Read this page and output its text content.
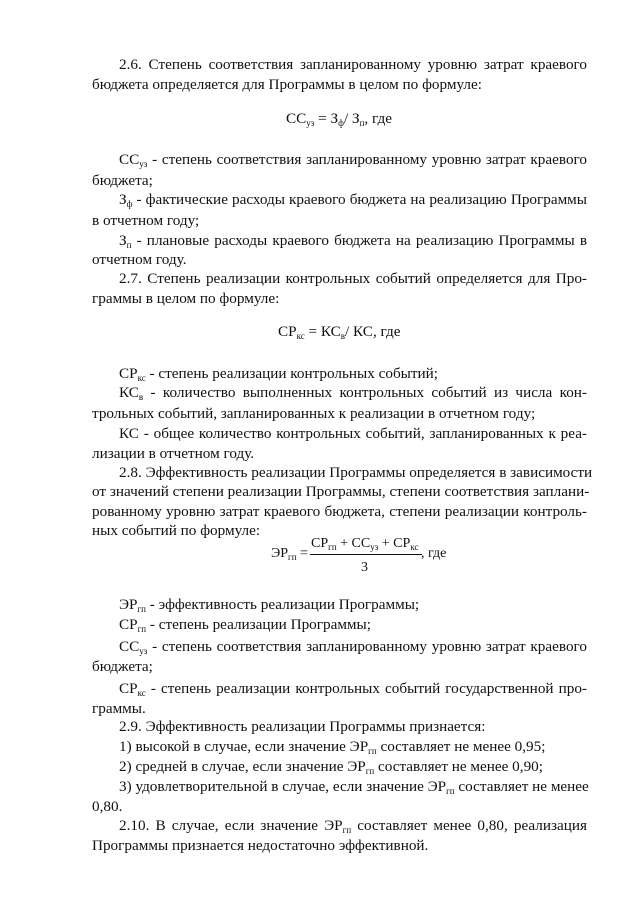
2.6. Степень соответствия запланированному уровню затрат краевого
бюджета определяется для Программы в целом по формуле:
$СС_{уз} = З_ф/$ $З_п$, где
$СС_{уз}$ - степень соответствия запланированному уровню затрат краевого
бюджета;
$З_ф$ - фактические расходы краевого бюджета на реализацию Программы
в отчетном году;
$З_п$ - плановые расходы краевого бюджета на реализацию Программы в
отчетном году.
2.7. Степень реализации контрольных событий определяется для Про-
граммы в целом по формуле:
$СР_{кс} = КС_в/$ КС, где
$СР_{кс}$ - степень реализации контрольных событий;
$КС_в$ - количество выполненных контрольных событий из числа кон-
трольных событий, запланированных к реализации в отчетном году;
КС - общее количество контрольных событий, запланированных к реа-
лизации в отчетном году.
2.8. Эффективность реализации Программы определяется в зависимости
от значений степени реализации Программы, степени соответствия заплани-
рованному уровню затрат краевого бюджета, степени реализации контроль-
ных событий по формуле:
$ЭР_{гп}$ =
$СР_{гп} + СС_{уз} + СР_{кс}$
3
, где
$ЭР_{гп}$ - эффективность реализации Программы;
$СР_{гп}$ - степень реализации Программы;
$СС_{уз}$ - степень соответствия запланированному уровню затрат краевого
бюджета;
$СР_{кс}$ - степень реализации контрольных событий государственной про-
граммы.
2.9. Эффективность реализации Программы признается:
1) высокой в случае, если значение $ЭР_{гп}$ составляет не менее 0,95;
2) средней в случае, если значение $ЭР_{гп}$ составляет не менее 0,90;
3) удовлетворительной в случае, если значение $ЭР_{гп}$ составляет не менее
0,80.
2.10. В случае, если значение $ЭР_{гп}$ составляет менее 0,80, реализация
Программы признается недостаточно эффективной.
